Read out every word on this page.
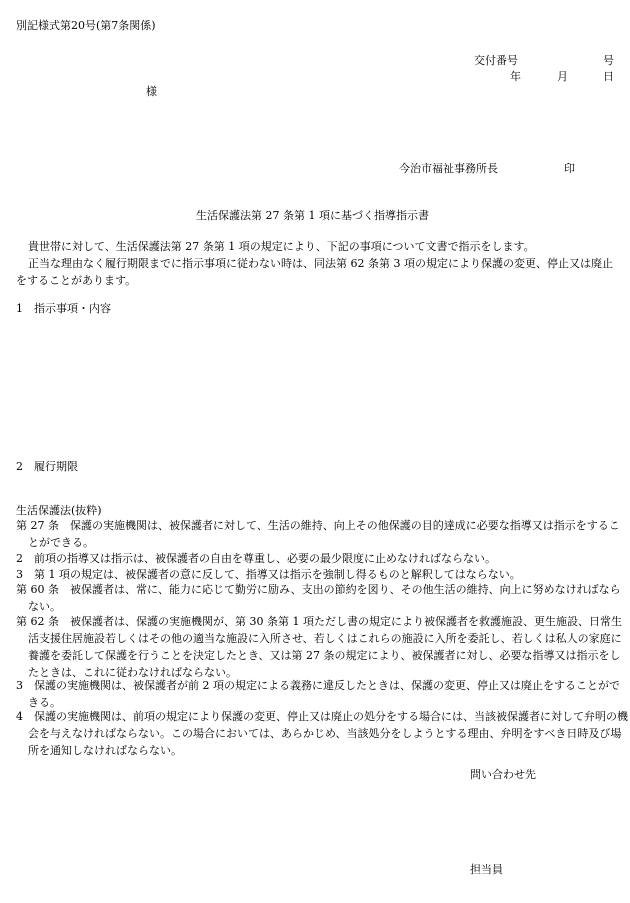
別記様式第20号(第7条関係)
交付番号	号
年	月	日
様
今治市福祉事務所長	印
生活保護法第 27 条第 1 項に基づく指導指示書
貴世帯に対して、生活保護法第 27 条第 1 項の規定により、下記の事項について文書で指示をします。
正当な理由なく履行期限までに指示事項に従わない時は、同法第 62 条第 3 項の規定により保護の変更、停止又は廃止をすることがあります。
1　指示事項・内容
2　履行期限
生活保護法(抜粋)
第 27 条　保護の実施機関は、被保護者に対して、生活の維持、向上その他保護の目的達成に必要な指導又は指示をすることができる。
2　前項の指導又は指示は、被保護者の自由を尊重し、必要の最少限度に止めなければならない。
3　第 1 項の規定は、被保護者の意に反して、指導又は指示を強制し得るものと解釈してはならない。
第 60 条　被保護者は、常に、能力に応じて勤労に励み、支出の節約を図り、その他生活の維持、向上に努めなければならない。
第 62 条　被保護者は、保護の実施機関が、第 30 条第 1 項ただし書の規定により被保護者を救護施設、更生施設、日常生活支援住居施設若しくはその他の適当な施設に入所させ、若しくはこれらの施設に入所を委託し、若しくは私人の家庭に養護を委託して保護を行うことを決定したとき、又は第 27 条の規定により、被保護者に対し、必要な指導又は指示をしたときは、これに従わなければならない。
3　保護の実施機関は、被保護者が前 2 項の規定による義務に違反したときは、保護の変更、停止又は廃止をすることができる。
4　保護の実施機関は、前項の規定により保護の変更、停止又は廃止の処分をする場合には、当該被保護者に対して弁明の機会を与えなければならない。この場合においては、あらかじめ、当該処分をしようとする理由、弁明をすべき日時及び場所を通知しなければならない。
問い合わせ先
担当員
